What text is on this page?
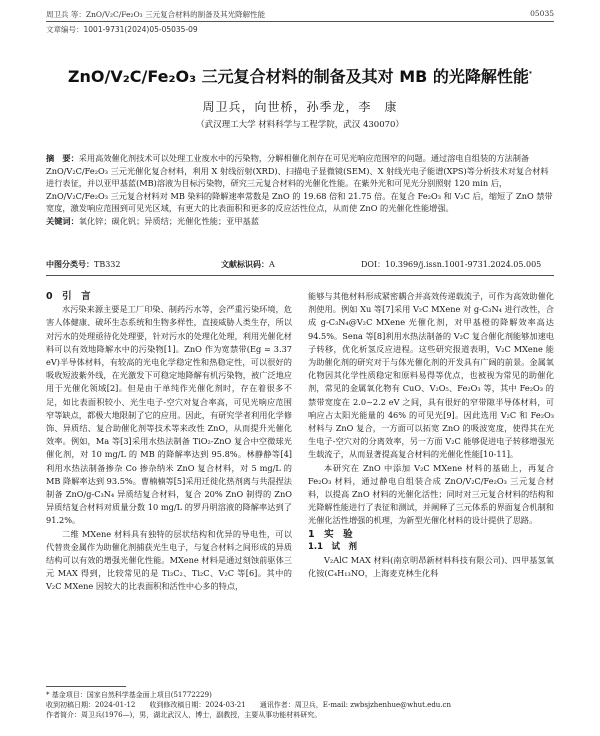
周卫兵 等：ZnO/V₂C/Fe₂O₃ 三元复合材料的制备及其光降解性能	05035
文章编号：1001-9731(2024)05-05035-09
ZnO/V₂C/Fe₂O₃ 三元复合材料的制备及其对 MB 的光降解性能*
周卫兵，向世桥，孙季龙，李　康
（武汉理工大学 材料科学与工程学院，武汉 430070）

摘　要：采用高效催化剂技术可以处理工业废水中的污染物，分解相催化剂存在可见光响应范围窄的问题。通过溶电自组装的方法制备 ZnO/V₂C/Fe₂O₃ 三元光催化复合材料，利用 X 射线衍射(XRD)、扫描电子显微镜(SEM)、X 射线光电子能谱(XPS)等分析技术对复合材料进行表征，并以亚甲基蓝(MB)溶液为目标污染物，研究三元复合材料的光催化性能。在紫外光和可见光分别照射 120 min 后，ZnO/V₂C/Fe₂O₃ 三元复合材料对 MB 染料的降解速率常数是 ZnO 的 19.68 倍和 21.75 倍。在复合 Fe₂O₃ 和 V₂C 后，缩短了 ZnO 禁带宽度，激发响应范围到可见光区域，有更大的比表面积和更多的反应活性位点，从而使 ZnO 的光催化性能增强。

关键词：氧化锌；碳化钒；异质结；光催化性能；亚甲基蓝

中图分类号：TB332	文献标识码：A	DOI：10.3969/j.issn.1001-9731.2024.05.005

0　引　言

水污染来源主要是工厂印染、制药污水等，会严重污染环境，危害人体健康、破坏生态系统和生物多样性，直接威胁人类生存，所以对污水的处理亟待化处理要，针对污水的处理化处理，利用光催化材料可以有效地降解水中的污染物[1]。ZnO 作为宽禁带(Eg = 3.37 eV)半导体材料，有较高的光电化学稳定性和热稳定性，可以很好的吸收短波紫外线，在光激发下可稳定地降解有机污染物，被广泛地应用于光催化领域[2]。但是由于单纯作光催化剂时，存在着很多不足，如比表面积较小、光生电子-空穴对复合率高，可见光响应范围窄等缺点，都极大地限制了它的应用。因此，有研究学者利用化学修饰、异质结、复合助催化剂等技术等来改性 ZnO，从而提升光催化效率。例如，Ma 等[3]采用水热法制备 TiO₂-ZnO 复合中空微球光催化剂，对 10 mg/L 的 MB 的降解率达到 95.8%。林静静等[4]利用水热法制备掺杂 Co 掺杂纳米 ZnO 复合材料，对 5 mg/L 的 MB 降解率达到 93.5%。曹楠楠等[5]采用迁徙化热剂离与共混捏法制备 ZnO/g-C₃N₄ 异质结复合材料，复合 20% ZnO 制得的 ZnO 异质结复合材料对质量分数 10 mg/L 的罗丹明溶液的降解率达到了 91.2%。

二维 MXene 材料具有独特的层状结构和优异的导电性，可以代替贵金属作为助催化剂捕获光生电子，与复合材料之间形成的异质结构可以有效的增强光催化性能。MXene 材料是通过刻蚀前驱体三元 MAX 得到，比较常见的是 Ti₃C₂、Ti₂C、V₂C 等[6]。其中的 V₂C MXene 因较大的比表面积和活性中心多的特点，

能够与其他材料形成紧密耦合并高效传递载流子，可作为高效助催化剂使用。例如 Xu 等[7]采用 V₂C MXene 对 g-C₃N₄ 进行改性，合成 g-C₃N₄@V₂C MXene 光催化剂，对甲基橙的降解效率高达 94.5%。Sena 等[8]利用水热法制备的 V₂C 复合催化剂能够加速电子转移，优化析氢反应进程。这些研究报道表明，V₂C MXene 能为助催化剂的研究对于与体光催化剂的开发具有广阔的前景。金属氧化物因其化学性质稳定和原料易得等优点，也被视为常见的助催化剂，常见的金属氧化物有 CuO、V₂O₅、Fe₂O₃ 等，其中 Fe₂O₃ 的禁带宽度在 2.0~2.2 eV 之间，具有很好的窄带隙半导体材料，可响应占太阳光能量的 46% 的可见光[9]。因此选用 V₂C 和 Fe₂O₃ 材料与 ZnO 复合，一方面可以拓宽 ZnO 的吸波宽度，使得其在光生电子-空穴对的分离效率，另一方面 V₂C 能够促进电子转移增强光生载流子，从而显著提高复合材料的光催化性能[10-11]。

本研究在 ZnO 中添加 V₂C MXene 材料的基础上，再复合 Fe₂O₃ 材料，通过静电自组装合成 ZnO/V₂C/Fe₂O₃ 三元复合材料，以提高 ZnO 材料的光催化活性；同时对三元复合材料的结构和光降解性能进行了表征和测试，并阐释了三元体系的界面复合机制和光催化活性增强的机理，为新型光催化材料的设计提供了思路。

1　实　验

1.1　试　剂

V₂AlC MAX 材料(南京明昂新材料科技有限公司)、四甲基氢氧化铵(C₄H₁₃NO，上海麦克林生化科

* 基金项目：国家自然科学基金面上项目(51772229)
收到初稿日期：2024-01-12　　收到修改稿日期：2024-03-21　　通讯作者：周卫兵，E-mail: zwbsjzhenhue@whut.edu.cn
作者简介：周卫兵(1976—)，男，湖北武汉人，博士，副教授，主要从事功能材料研究。
